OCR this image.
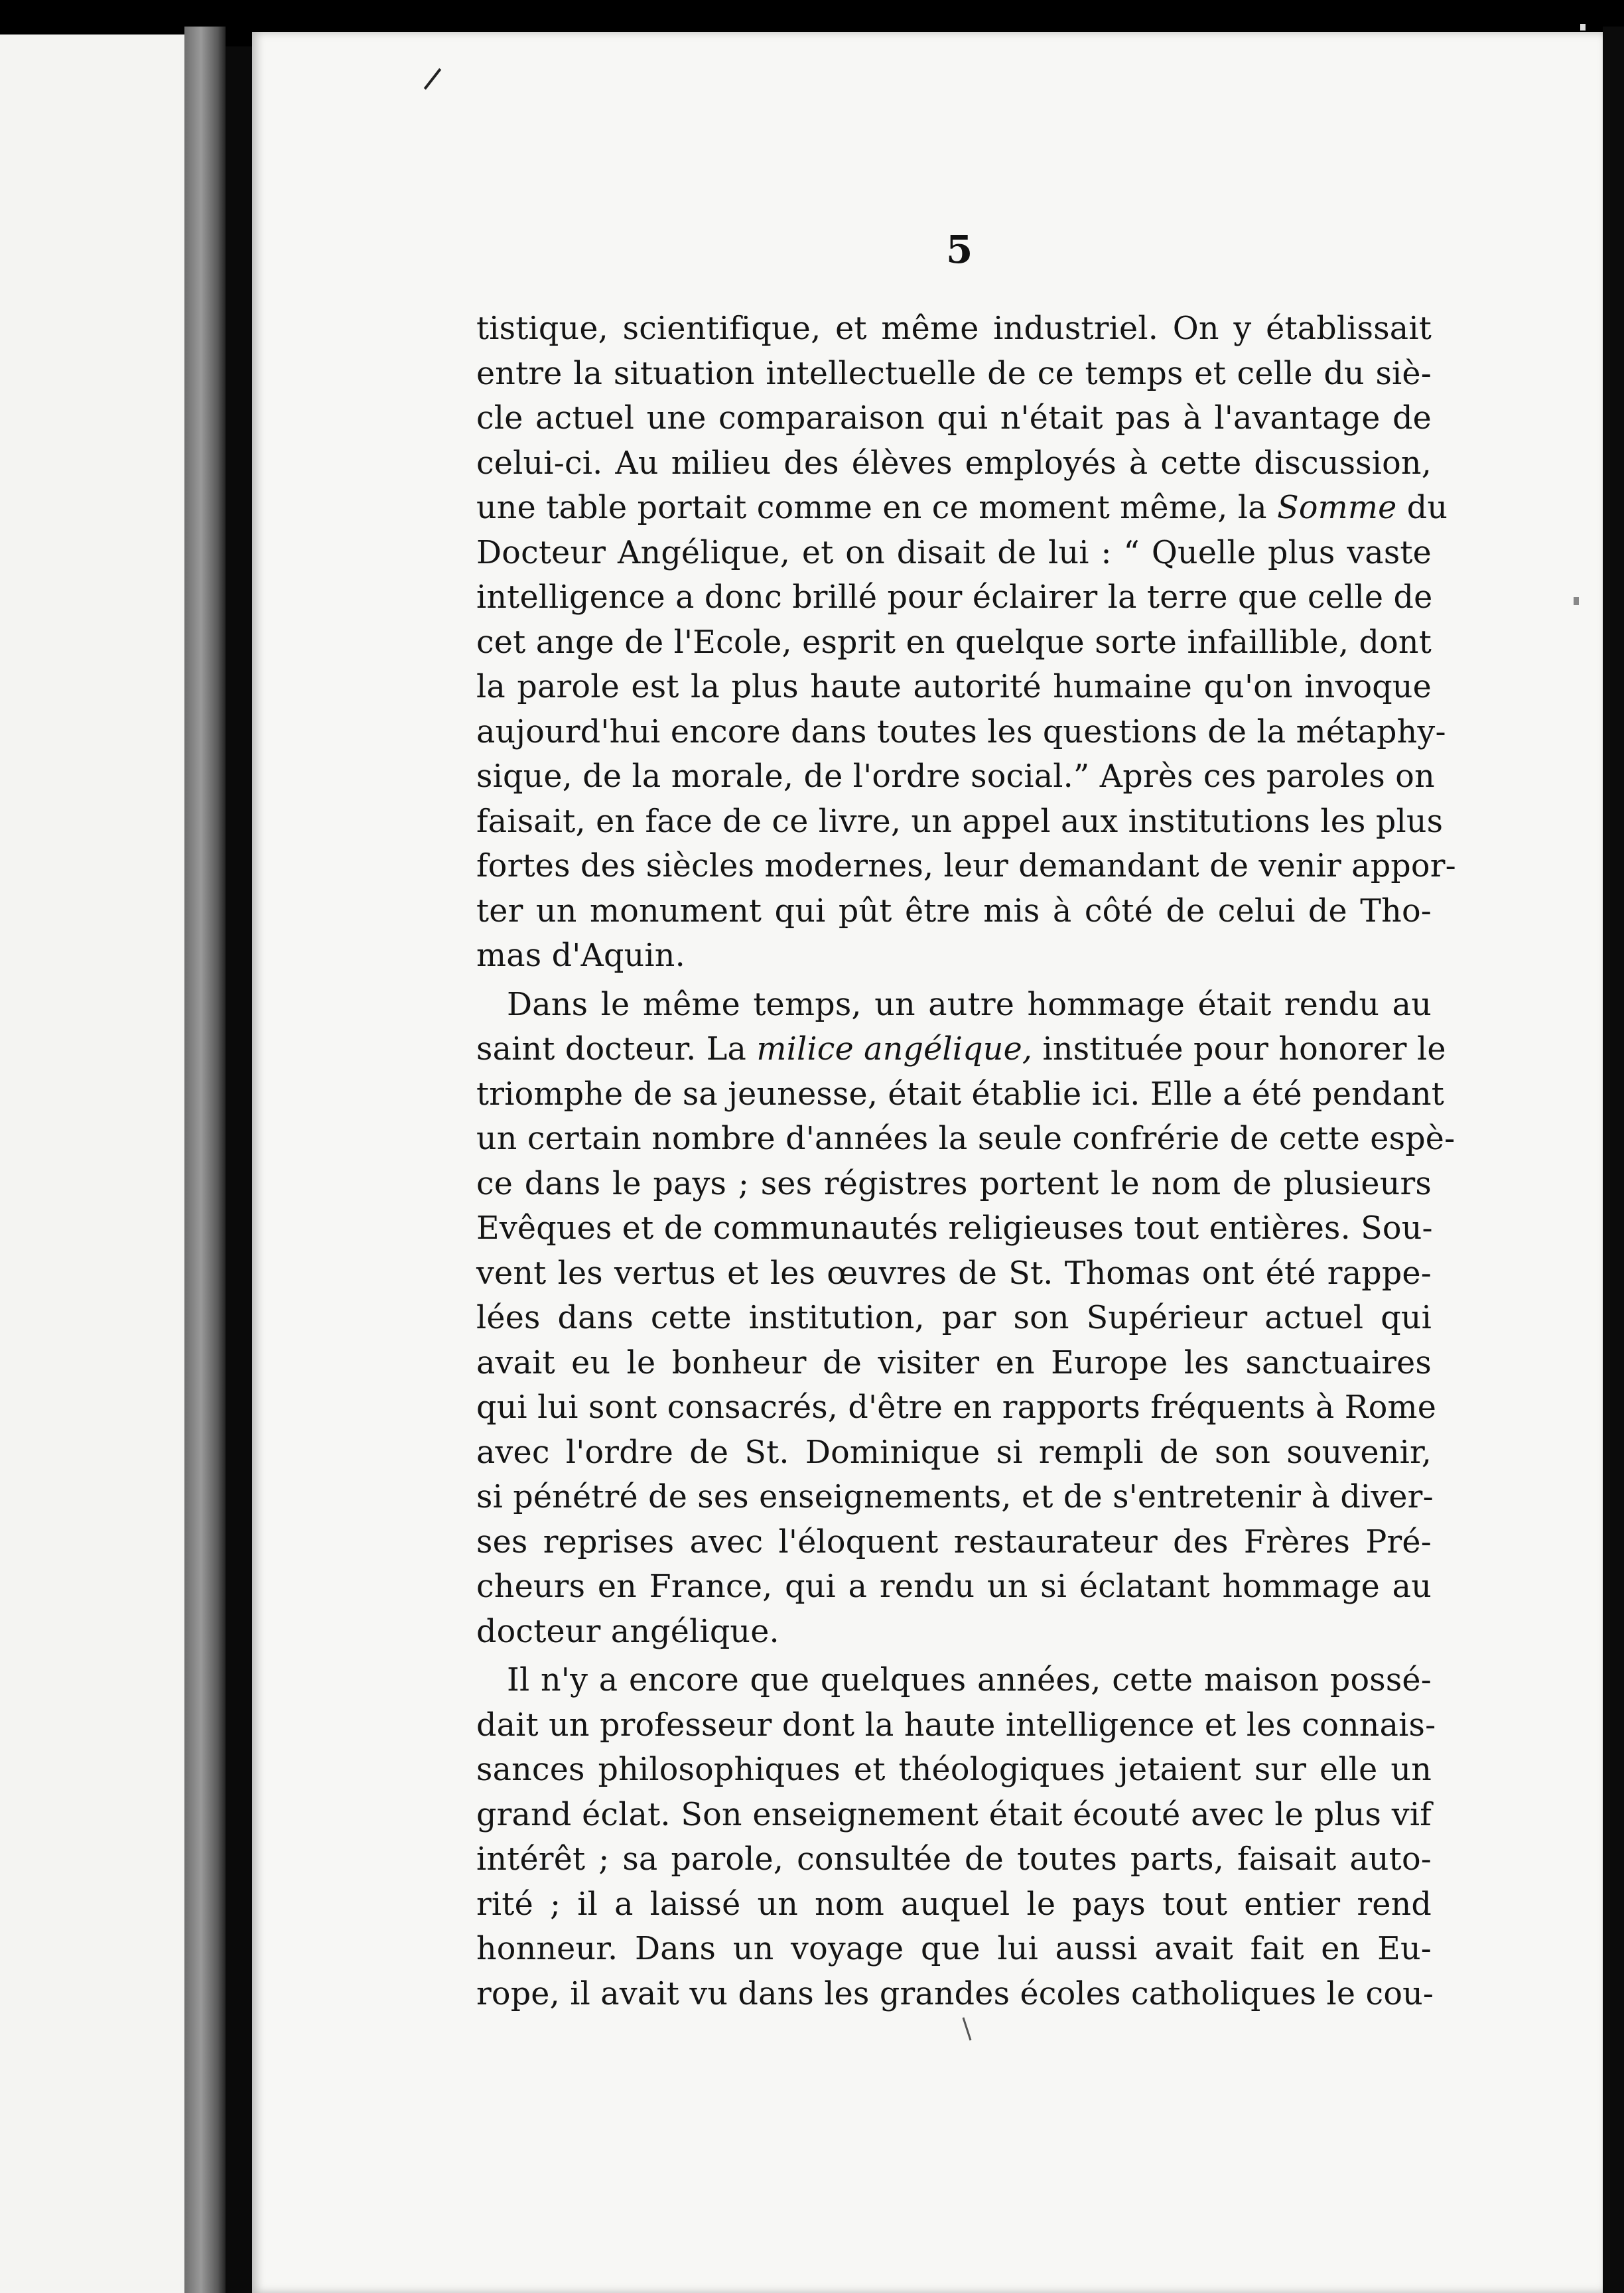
5
tistique, scientifique, et même industriel. On y établissait
entre la situation intellectuelle de ce temps et celle du siè-
cle actuel une comparaison qui n'était pas à l'avantage de
celui-ci. Au milieu des élèves employés à cette discussion,
une table portait comme en ce moment même, la Somme du
Docteur Angélique, et on disait de lui : “ Quelle plus vaste
intelligence a donc brillé pour éclairer la terre que celle de
cet ange de l'Ecole, esprit en quelque sorte infaillible, dont
la parole est la plus haute autorité humaine qu'on invoque
aujourd'hui encore dans toutes les questions de la métaphy-
sique, de la morale, de l'ordre social.” Après ces paroles on
faisait, en face de ce livre, un appel aux institutions les plus
fortes des siècles modernes, leur demandant de venir appor-
ter un monument qui pût être mis à côté de celui de Tho-
mas d'Aquin.
Dans le même temps, un autre hommage était rendu au
saint docteur. La milice angélique, instituée pour honorer le
triomphe de sa jeunesse, était établie ici. Elle a été pendant
un certain nombre d'années la seule confrérie de cette espè-
ce dans le pays ; ses régistres portent le nom de plusieurs
Evêques et de communautés religieuses tout entières. Sou-
vent les vertus et les œuvres de St. Thomas ont été rappe-
lées dans cette institution, par son Supérieur actuel qui
avait eu le bonheur de visiter en Europe les sanctuaires
qui lui sont consacrés, d'être en rapports fréquents à Rome
avec l'ordre de St. Dominique si rempli de son souvenir,
si pénétré de ses enseignements, et de s'entretenir à diver-
ses reprises avec l'éloquent restaurateur des Frères Pré-
cheurs en France, qui a rendu un si éclatant hommage au
docteur angélique.
Il n'y a encore que quelques années, cette maison possé-
dait un professeur dont la haute intelligence et les connais-
sances philosophiques et théologiques jetaient sur elle un
grand éclat. Son enseignement était écouté avec le plus vif
intérêt ; sa parole, consultée de toutes parts, faisait auto-
rité ; il a laissé un nom auquel le pays tout entier rend
honneur. Dans un voyage que lui aussi avait fait en Eu-
rope, il avait vu dans les grandes écoles catholiques le cou-
